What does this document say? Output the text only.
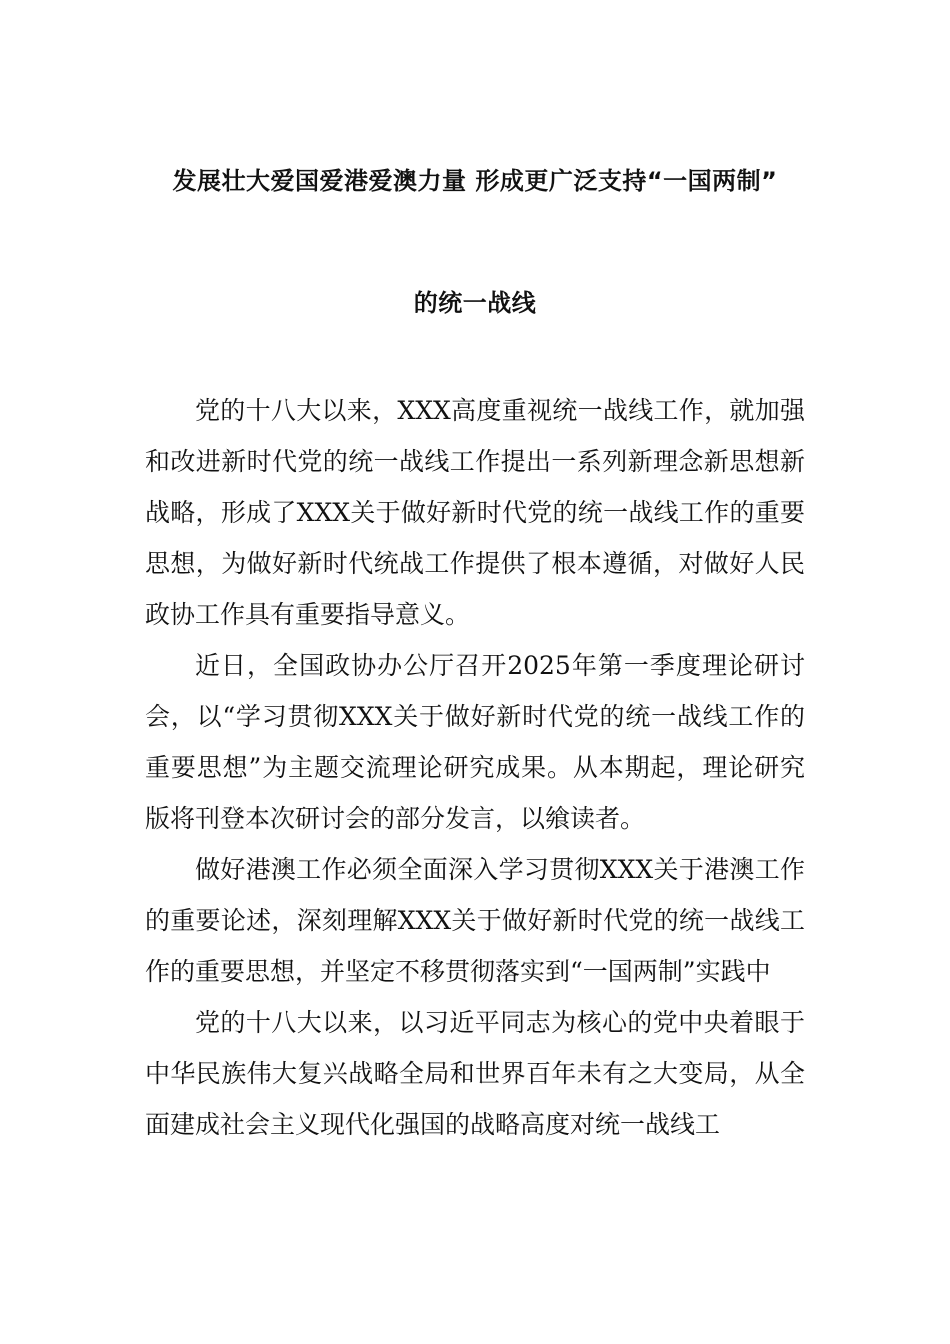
发展壮大爱国爱港爱澳力量 形成更广泛支持“一国两制”
的统一战线

党的十八大以来，XXX高度重视统一战线工作，就加强和改进新时代党的统一战线工作提出一系列新理念新思想新战略，形成了XXX关于做好新时代党的统一战线工作的重要思想，为做好新时代统战工作提供了根本遵循，对做好人民政协工作具有重要指导意义。

近日，全国政协办公厅召开2025年第一季度理论研讨会，以“学习贯彻XXX关于做好新时代党的统一战线工作的重要思想”为主题交流理论研究成果。从本期起，理论研究版将刊登本次研讨会的部分发言，以飨读者。

做好港澳工作必须全面深入学习贯彻XXX关于港澳工作的重要论述，深刻理解XXX关于做好新时代党的统一战线工作的重要思想，并坚定不移贯彻落实到“一国两制”实践中

党的十八大以来，以习近平同志为核心的党中央着眼于中华民族伟大复兴战略全局和世界百年未有之大变局，从全面建成社会主义现代化强国的战略高度对统一战线工
